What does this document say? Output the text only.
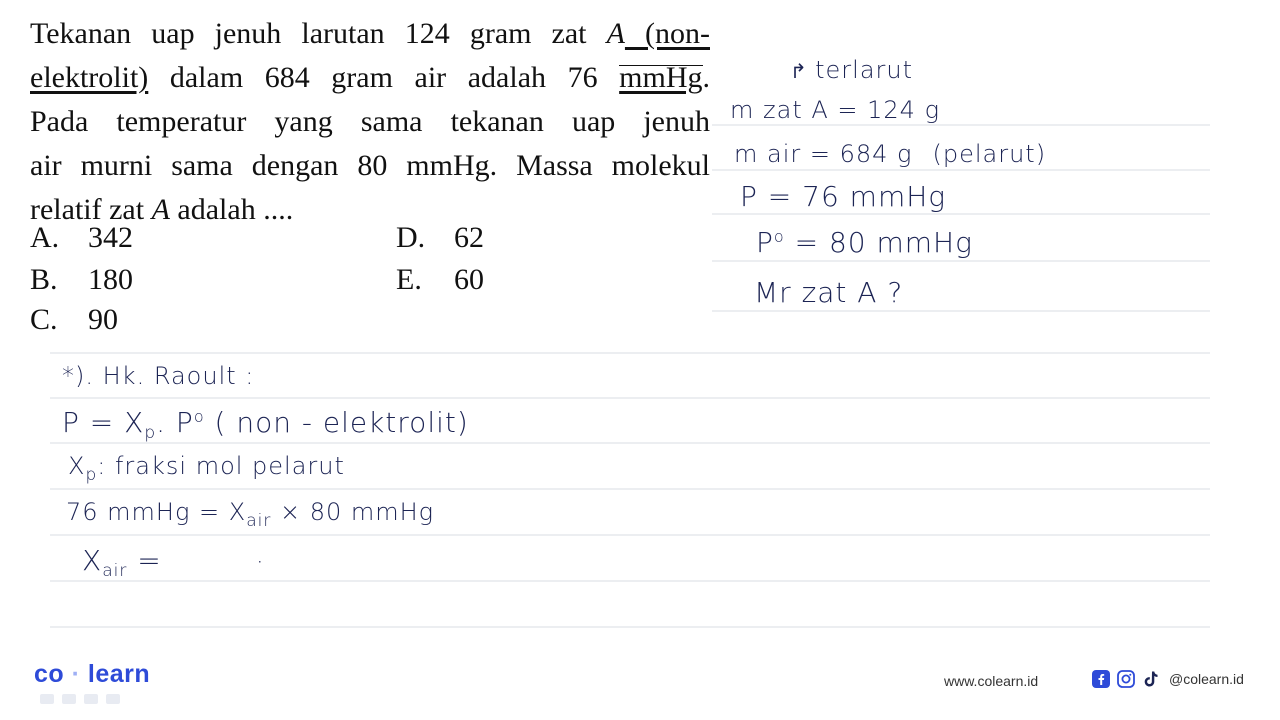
Tekanan uap jenuh larutan 124 gram zat A (non-
elektrolit) dalam 684 gram air adalah 76 mmHg.
Pada temperatur yang sama tekanan uap jenuh
air murni sama dengan 80 mmHg. Massa molekul
relatif zat A adalah ....
A. 342
B. 180
C. 90
D. 62
E. 60
↱ terlarut
m zat A = 124 g
m air = 684 g (pelarut)
P = 76 mmHg
$P^o = 80$ mmHg
Mr zat A ?
*). Hk. Raoult :
$P = X_p$. $P^o$ ( non - elektrolit)
$X_p$: fraksi mol pelarut
76 mmHg = $X_{air} \times 80$ mmHg
$X_{air}$ =	·
co · learn	www.colearn.id	@colearn.id
